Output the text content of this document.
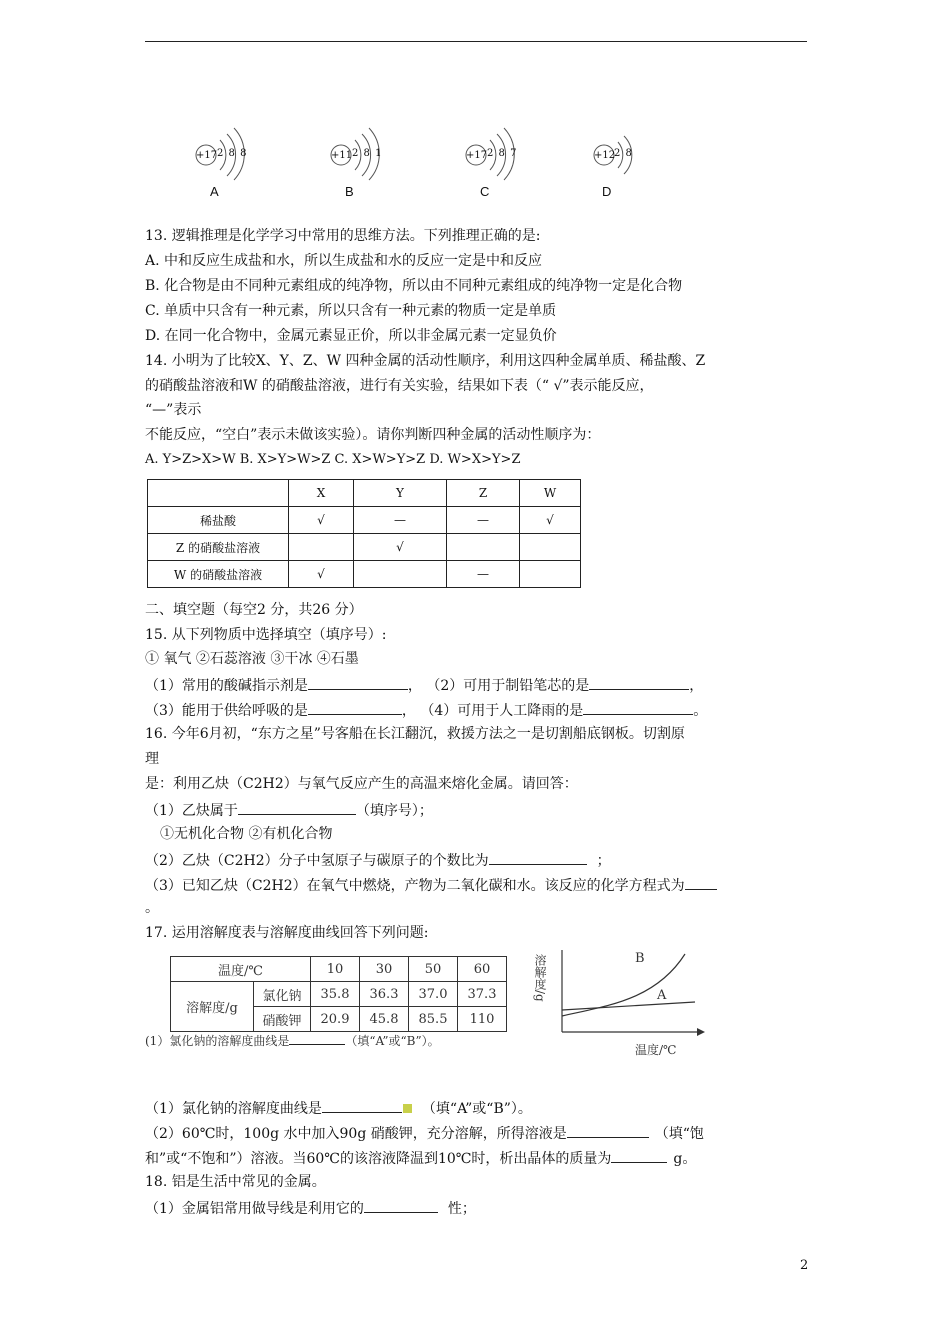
+17 2 8 8
A
+11 2 8 1
B
+17 2 8 7
C
+12
2 8
D
13. 逻辑推理是化学学习中常用的思维方法。下列推理正确的是:
A. 中和反应生成盐和水，所以生成盐和水的反应一定是中和反应
B. 化合物是由不同种元素组成的纯净物，所以由不同种元素组成的纯净物一定是化合物
C. 单质中只含有一种元素，所以只含有一种元素的物质一定是单质
D. 在同一化合物中，金属元素显正价，所以非金属元素一定显负价
14. 小明为了比较X、Y、Z、W 四种金属的活动性顺序，利用这四种金属单质、稀盐酸、Z
的硝酸盐溶液和W 的硝酸盐溶液，进行有关实验，结果如下表（“ √”表示能反应，
“—”表示
不能反应，“空白”表示未做该实验）。请你判断四种金属的活动性顺序为：
A. Y>Z>X>W B. X>Y>W>Z C. X>W>Y>Z D. W>X>Y>Z
	X	Y	Z	W
稀盐酸	√	—	—	√
Z 的硝酸盐溶液		√		
W 的硝酸盐溶液	√		—	
二、填空题（每空2 分，共26 分）
15. 从下列物质中选择填空（填序号）:
① 氧气 ②石蕊溶液 ③干冰 ④石墨
（1）常用的酸碱指示剂是	， （2）可用于制铅笔芯的是	，
（3）能用于供给呼吸的是	， （4）可用于人工降雨的是	。
16. 今年6月初，“东方之星”号客船在长江翻沉，救援方法之一是切割船底钢板。切割原
理
是：利用乙炔（C2H2）与氧气反应产生的高温来熔化金属。请回答：
（1）乙炔属于	（填序号）；
①无机化合物 ②有机化合物
（2）乙炔（C2H2）分子中氢原子与碳原子的个数比为	；
（3）已知乙炔（C2H2）在氧气中燃烧，产物为二氧化碳和水。该反应的化学方程式为
。
17. 运用溶解度表与溶解度曲线回答下列问题:
温度/℃		10	30	50	60
溶解度/g	氯化钠	35.8	36.3	37.0	37.3
	硝酸钾	20.9	45.8	85.5	110
(1）氯化钠的溶解度曲线是	（填“A”或“B”）。
溶解度/g	B
A
温度/℃
（1）氯化钠的溶解度曲线是	（填“A”或“B”）。
（2）60℃时，100g 水中加入90g 硝酸钾，充分溶解，所得溶液是	（填“饱
和”或“不饱和”）溶液。当60℃的该溶液降温到10℃时，析出晶体的质量为	g。
18. 铝是生活中常见的金属。
（1）金属铝常用做导线是利用它的	性；
2
